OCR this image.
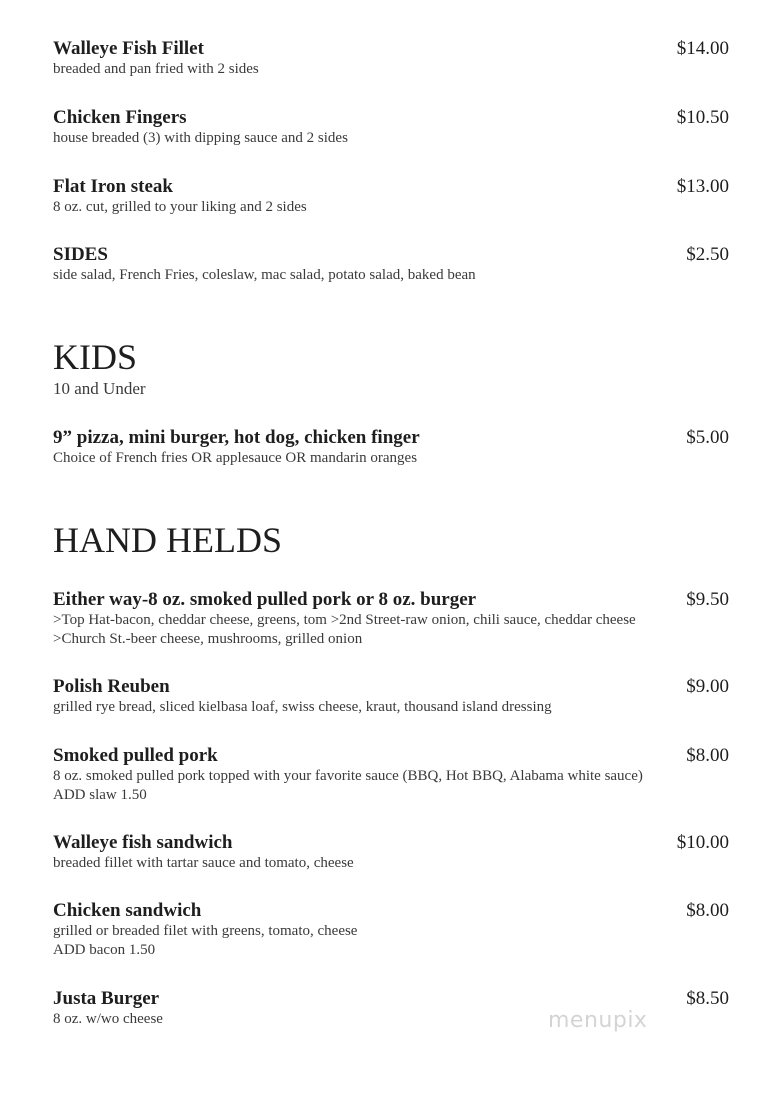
Walleye Fish Fillet	$14.00
breaded and pan fried with 2 sides
Chicken Fingers	$10.50
house breaded (3) with dipping sauce and 2 sides
Flat Iron steak	$13.00
8 oz. cut, grilled to your liking and 2 sides
SIDES	$2.50
side salad, French Fries, coleslaw, mac salad, potato salad, baked bean
KIDS
10 and Under
9” pizza, mini burger, hot dog, chicken finger	$5.00
Choice of French fries OR applesauce OR mandarin oranges
HAND HELDS
Either way-8 oz. smoked pulled pork or 8 oz. burger	$9.50
>Top Hat-bacon, cheddar cheese, greens, tom >2nd Street-raw onion, chili sauce, cheddar cheese
>Church St.-beer cheese, mushrooms, grilled onion
Polish Reuben	$9.00
grilled rye bread, sliced kielbasa loaf, swiss cheese, kraut, thousand island dressing
Smoked pulled pork	$8.00
8 oz. smoked pulled pork topped with your favorite sauce (BBQ, Hot BBQ, Alabama white sauce)
ADD slaw 1.50
Walleye fish sandwich	$10.00
breaded fillet with tartar sauce and tomato, cheese
Chicken sandwich	$8.00
grilled or breaded filet with greens, tomato, cheese
ADD bacon 1.50
Justa Burger	$8.50
8 oz. w/wo cheese	menupix
